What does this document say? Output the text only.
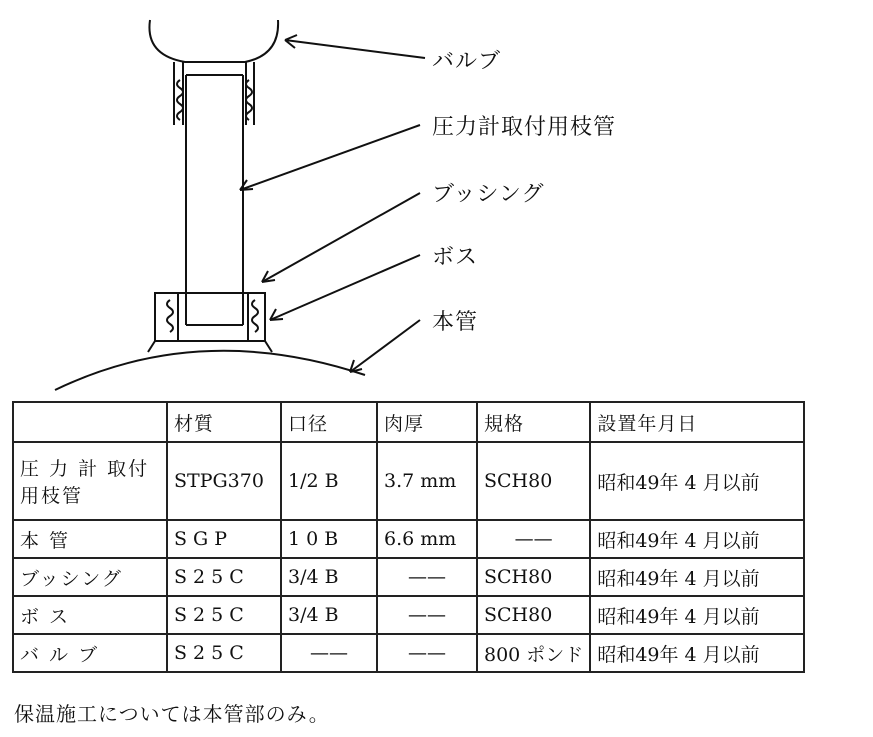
バルブ
圧力計取付用枝管
ブッシング
ボス
本管
	材質	口径	肉厚	規格	設置年月日
圧 力 計 取付用枝管	STPG370	1/2 B	3.7 mm	SCH80	昭和49年 4 月以前
本 管	S G P	1 0 B	6.6 mm	——	昭和49年 4 月以前
ブッシング	S 2 5 C	3/4 B	——	SCH80	昭和49年 4 月以前
ボ ス	S 2 5 C	3/4 B	——	SCH80	昭和49年 4 月以前
バ ル ブ	S 2 5 C	——	——	800 ポンド	昭和49年 4 月以前
保温施工については本管部のみ。
